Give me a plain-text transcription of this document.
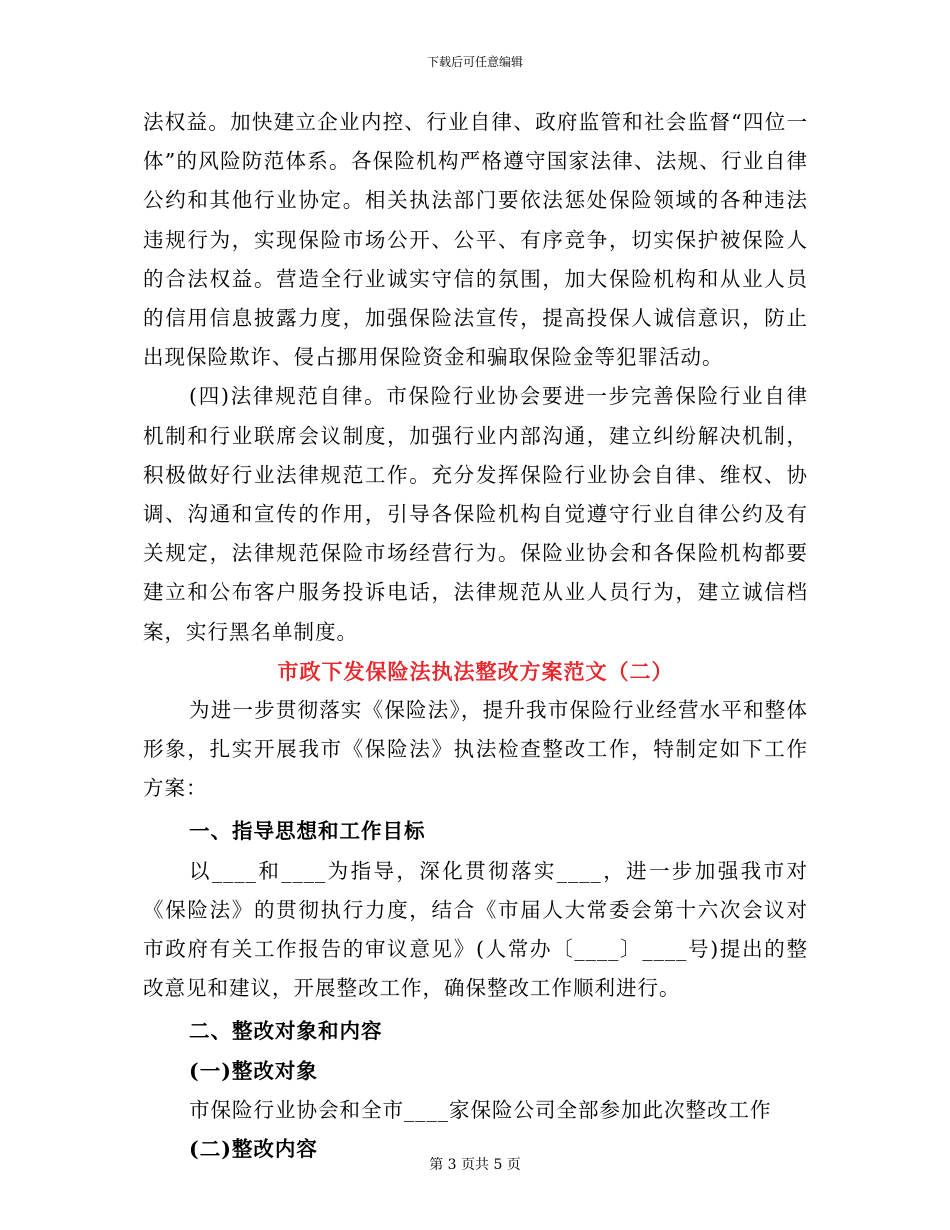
下载后可任意编辑

法权益。加快建立企业内控、行业自律、政府监管和社会监督“四位一体”的风险防范体系。各保险机构严格遵守国家法律、法规、行业自律公约和其他行业协定。相关执法部门要依法惩处保险领域的各种违法违规行为，实现保险市场公开、公平、有序竞争，切实保护被保险人的合法权益。营造全行业诚实守信的氛围，加大保险机构和从业人员的信用信息披露力度，加强保险法宣传，提高投保人诚信意识，防止出现保险欺诈、侵占挪用保险资金和骗取保险金等犯罪活动。

(四)法律规范自律。市保险行业协会要进一步完善保险行业自律机制和行业联席会议制度，加强行业内部沟通，建立纠纷解决机制，积极做好行业法律规范工作。充分发挥保险行业协会自律、维权、协调、沟通和宣传的作用，引导各保险机构自觉遵守行业自律公约及有关规定，法律规范保险市场经营行为。保险业协会和各保险机构都要建立和公布客户服务投诉电话，法律规范从业人员行为，建立诚信档案，实行黑名单制度。

市政下发保险法执法整改方案范文（二）

为进一步贯彻落实《保险法》，提升我市保险行业经营水平和整体形象，扎实开展我市《保险法》执法检查整改工作，特制定如下工作方案：

一、指导思想和工作目标

以____和____为指导，深化贯彻落实____，进一步加强我市对《保险法》的贯彻执行力度，结合《市届人大常委会第十六次会议对市政府有关工作报告的审议意见》(人常办〔____〕____号)提出的整改意见和建议，开展整改工作，确保整改工作顺利进行。

二、整改对象和内容

(一)整改对象

市保险行业协会和全市____家保险公司全部参加此次整改工作

(二)整改内容

第 3 页共 5 页
